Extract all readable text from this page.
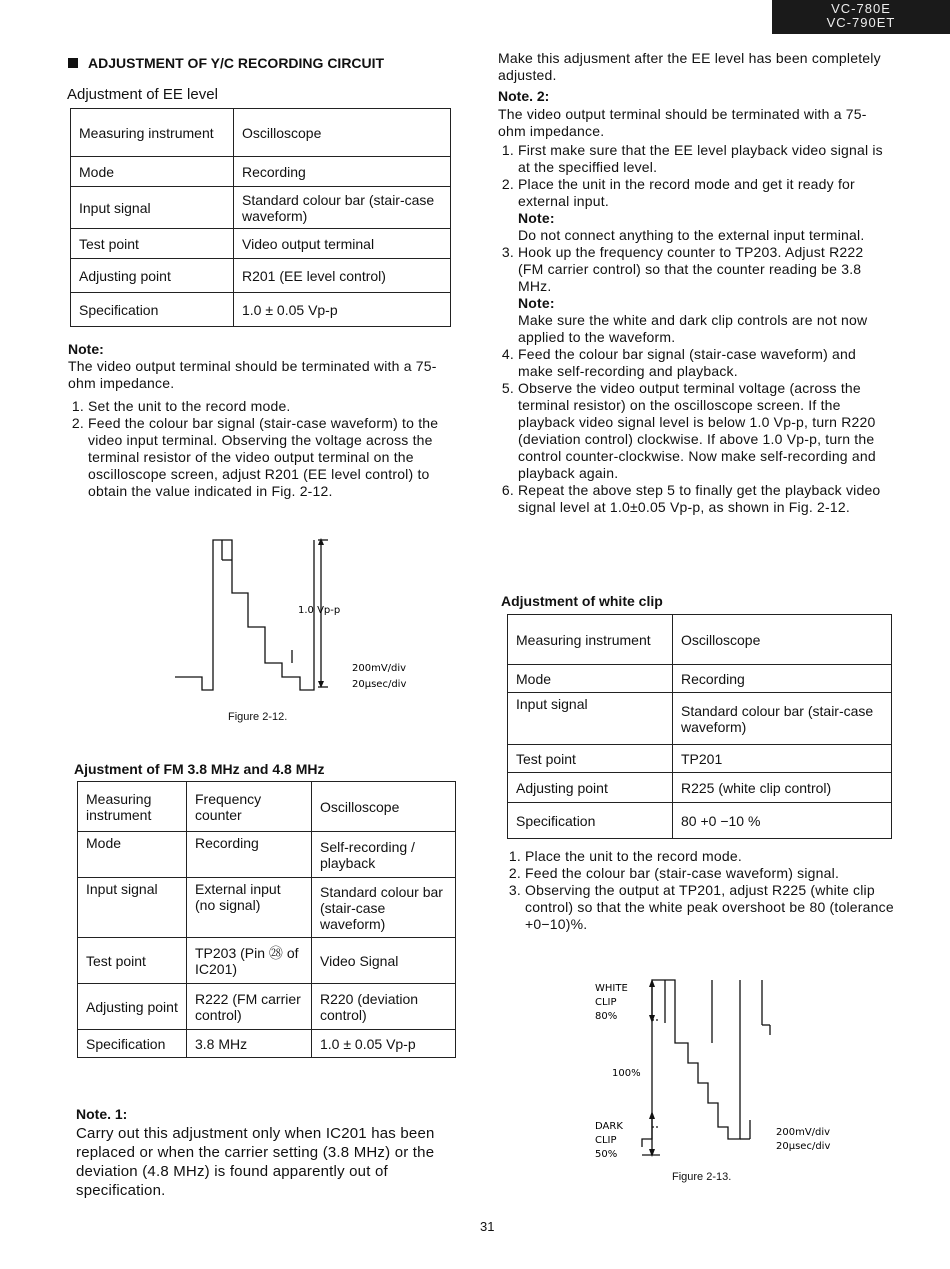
VC-780E
VC-790ET
ADJUSTMENT OF Y/C RECORDING CIRCUIT
Adjustment of EE level
Measuring instrument	Oscilloscope
Mode	Recording
Input signal	Standard colour bar (stair-case waveform)
Test point	Video output terminal
Adjusting point	R201 (EE level control)
Specification	1.0 ± 0.05 Vp-p
Note:
The video output terminal should be terminated with a 75-ohm impedance.
1. Set the unit to the record mode.
2. Feed the colour bar signal (stair-case waveform) to the video input terminal. Observing the voltage across the terminal resistor of the video output terminal on the oscilloscope screen, adjust R201 (EE level control) to obtain the value indicated in Fig. 2-12.
1.0 Vp-p
200mV/div
20μsec/div
Figure 2-12.
Ajustment of FM 3.8 MHz and 4.8 MHz
Measuring instrument	Frequency counter	Oscilloscope
Mode	Recording	Self-recording / playback
Input signal	External input (no signal)	Standard colour bar (stair-case waveform)
Test point	TP203 (Pin ㉘ of IC201)	Video Signal
Adjusting point	R222 (FM carrier control)	R220 (deviation control)
Specification	3.8 MHz	1.0 ± 0.05 Vp-p
Note. 1:
Carry out this adjustment only when IC201 has been replaced or when the carrier setting (3.8 MHz) or the deviation (4.8 MHz) is found apparently out of specification.
Make this adjusment after the EE level has been completely adjusted.
Note. 2:
The video output terminal should be terminated with a 75-ohm impedance.
1. First make sure that the EE level playback video signal is at the speciffied level.
2. Place the unit in the record mode and get it ready for external input.
Note:
Do not connect anything to the external input terminal.
3. Hook up the frequency counter to TP203. Adjust R222 (FM carrier control) so that the counter reading be 3.8 MHz.
Note:
Make sure the white and dark clip controls are not now applied to the waveform.
4. Feed the colour bar signal (stair-case waveform) and make self-recording and playback.
5. Observe the video output terminal voltage (across the terminal resistor) on the oscilloscope screen. If the playback video signal level is below 1.0 Vp-p, turn R220 (deviation control) clockwise. If above 1.0 Vp-p, turn the control counter-clockwise. Now make self-recording and playback again.
6. Repeat the above step 5 to finally get the playback video signal level at 1.0±0.05 Vp-p, as shown in Fig. 2-12.
Adjustment of white clip
Measuring instrument	Oscilloscope
Mode	Recording
Input signal	Standard colour bar (stair-case waveform)
Test point	TP201
Adjusting point	R225 (white clip control)
Specification	80 +0 −10 %
1. Place the unit to the record mode.
2. Feed the colour bar (stair-case waveform) signal.
3. Observing the output at TP201, adjust R225 (white clip control) so that the white peak overshoot be 80 (tolerance +0−10)%.
WHITE
CLIP
80%
100%
DARK
CLIP
50%
200mV/div
20μsec/div
Figure 2-13.
31
